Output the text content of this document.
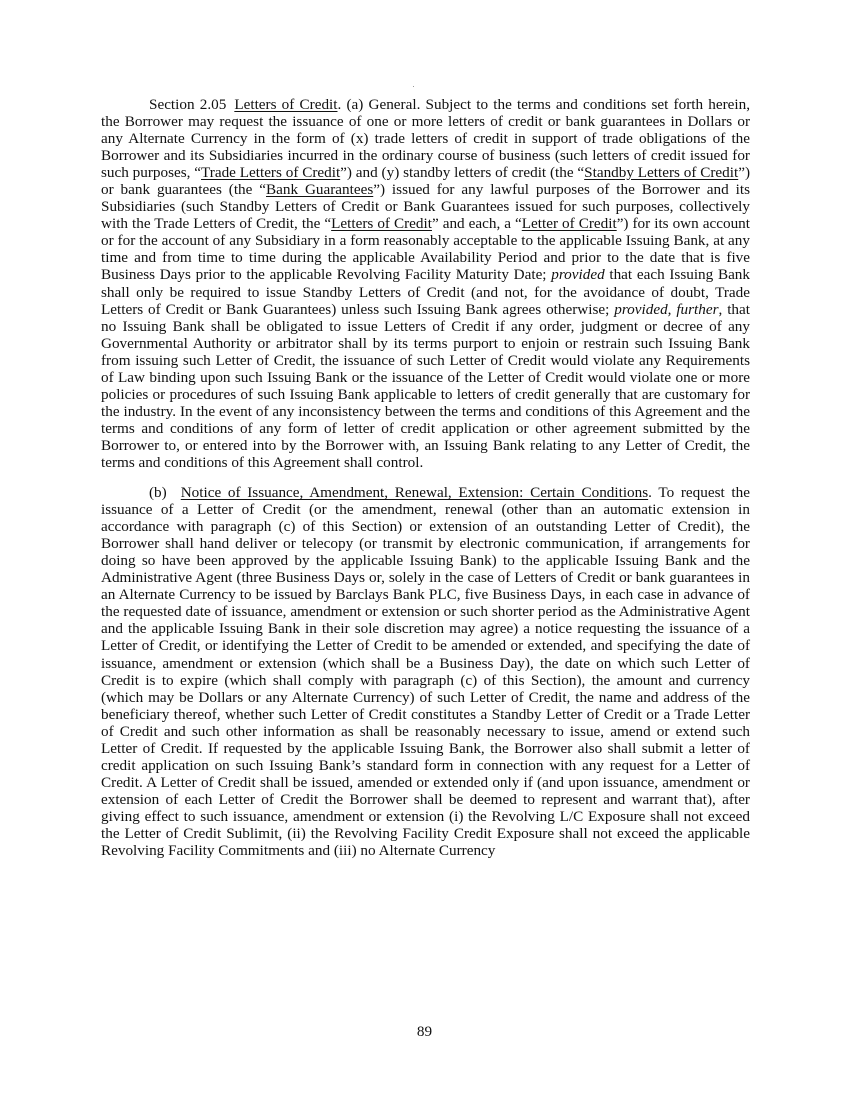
Section 2.05 Letters of Credit. (a) General. Subject to the terms and conditions set forth herein, the Borrower may request the issuance of one or more letters of credit or bank guarantees in Dollars or any Alternate Currency in the form of (x) trade letters of credit in support of trade obligations of the Borrower and its Subsidiaries incurred in the ordinary course of business (such letters of credit issued for such purposes, “Trade Letters of Credit”) and (y) standby letters of credit (the “Standby Letters of Credit”) or bank guarantees (the “Bank Guarantees”) issued for any lawful purposes of the Borrower and its Subsidiaries (such Standby Letters of Credit or Bank Guarantees issued for such purposes, collectively with the Trade Letters of Credit, the “Letters of Credit” and each, a “Letter of Credit”) for its own account or for the account of any Subsidiary in a form reasonably acceptable to the applicable Issuing Bank, at any time and from time to time during the applicable Availability Period and prior to the date that is five Business Days prior to the applicable Revolving Facility Maturity Date; provided that each Issuing Bank shall only be required to issue Standby Letters of Credit (and not, for the avoidance of doubt, Trade Letters of Credit or Bank Guarantees) unless such Issuing Bank agrees otherwise; provided, further, that no Issuing Bank shall be obligated to issue Letters of Credit if any order, judgment or decree of any Governmental Authority or arbitrator shall by its terms purport to enjoin or restrain such Issuing Bank from issuing such Letter of Credit, the issuance of such Letter of Credit would violate any Requirements of Law binding upon such Issuing Bank or the issuance of the Letter of Credit would violate one or more policies or procedures of such Issuing Bank applicable to letters of credit generally that are customary for the industry. In the event of any inconsistency between the terms and conditions of this Agreement and the terms and conditions of any form of letter of credit application or other agreement submitted by the Borrower to, or entered into by the Borrower with, an Issuing Bank relating to any Letter of Credit, the terms and conditions of this Agreement shall control.

(b) Notice of Issuance, Amendment, Renewal, Extension: Certain Conditions. To request the issuance of a Letter of Credit (or the amendment, renewal (other than an automatic extension in accordance with paragraph (c) of this Section) or extension of an outstanding Letter of Credit), the Borrower shall hand deliver or telecopy (or transmit by electronic communication, if arrangements for doing so have been approved by the applicable Issuing Bank) to the applicable Issuing Bank and the Administrative Agent (three Business Days or, solely in the case of Letters of Credit or bank guarantees in an Alternate Currency to be issued by Barclays Bank PLC, five Business Days, in each case in advance of the requested date of issuance, amendment or extension or such shorter period as the Administrative Agent and the applicable Issuing Bank in their sole discretion may agree) a notice requesting the issuance of a Letter of Credit, or identifying the Letter of Credit to be amended or extended, and specifying the date of issuance, amendment or extension (which shall be a Business Day), the date on which such Letter of Credit is to expire (which shall comply with paragraph (c) of this Section), the amount and currency (which may be Dollars or any Alternate Currency) of such Letter of Credit, the name and address of the beneficiary thereof, whether such Letter of Credit constitutes a Standby Letter of Credit or a Trade Letter of Credit and such other information as shall be reasonably necessary to issue, amend or extend such Letter of Credit. If requested by the applicable Issuing Bank, the Borrower also shall submit a letter of credit application on such Issuing Bank’s standard form in connection with any request for a Letter of Credit. A Letter of Credit shall be issued, amended or extended only if (and upon issuance, amendment or extension of each Letter of Credit the Borrower shall be deemed to represent and warrant that), after giving effect to such issuance, amendment or extension (i) the Revolving L/C Exposure shall not exceed the Letter of Credit Sublimit, (ii) the Revolving Facility Credit Exposure shall not exceed the applicable Revolving Facility Commitments and (iii) no Alternate Currency

89
